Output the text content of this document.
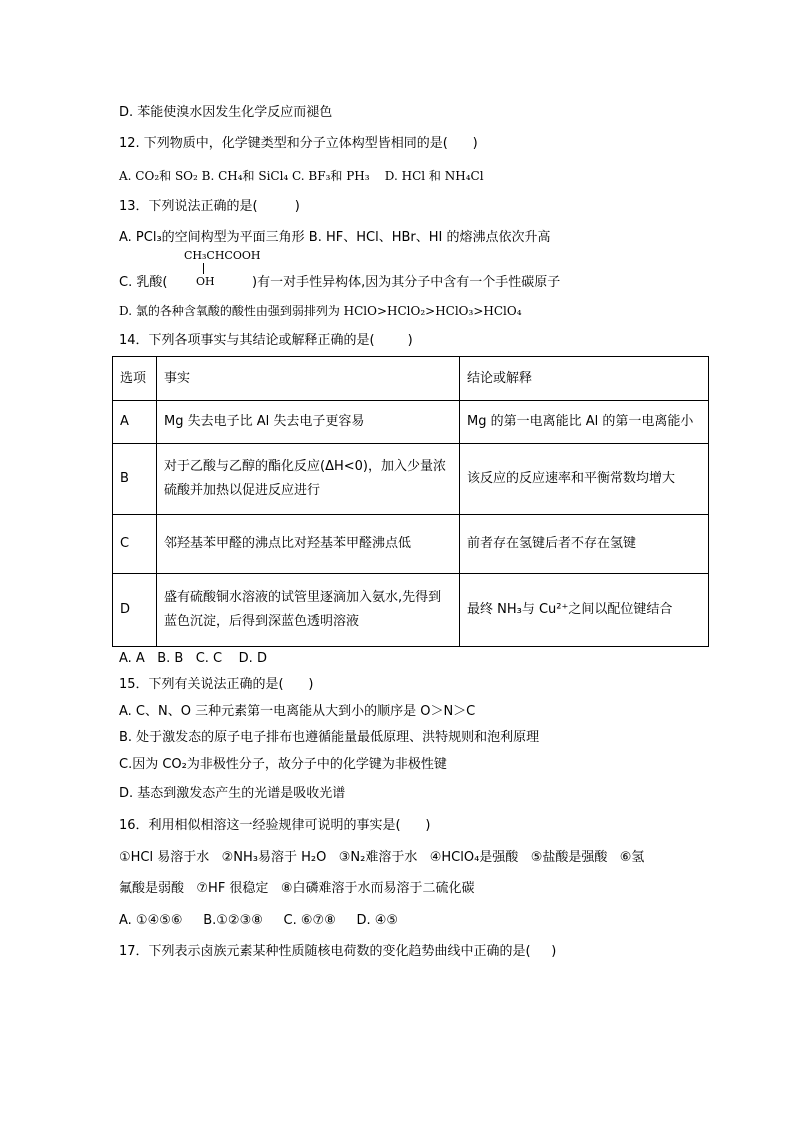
D. 苯能使溴水因发生化学反应而褪色
12. 下列物质中，化学键类型和分子立体构型皆相同的是(      )
A. CO₂和 SO₂ B. CH₄和 SiCl₄ C. BF₃和 PH₃    D. HCl 和 NH₄Cl
13．下列说法正确的是(         )
A. PCl₃的空间构型为平面三角形 B. HF、HCl、HBr、HI 的熔沸点依次升高
CH₃CHCOOH
OH
C. 乳酸(	)有一对手性异构体,因为其分子中含有一个手性碳原子
D. 氯的各种含氧酸的酸性由强到弱排列为 HClO>HClO₂>HClO₃>HClO₄
14．下列各项事实与其结论或解释正确的是(        )
选项	事实	结论或解释
A	Mg 失去电子比 Al 失去电子更容易	Mg 的第一电离能比 Al 的第一电离能小
B	对于乙酸与乙醇的酯化反应(ΔH<0)，加入少量浓硫酸并加热以促进反应进行	该反应的反应速率和平衡常数均增大
C	邻羟基苯甲醛的沸点比对羟基苯甲醛沸点低	前者存在氢键后者不存在氢键
D	盛有硫酸铜水溶液的试管里逐滴加入氨水,先得到蓝色沉淀，后得到深蓝色透明溶液	最终 NH₃与 Cu²⁺之间以配位键结合
A. A   B. B   C. C    D. D
15．下列有关说法正确的是(      )
A. C、N、O 三种元素第一电离能从大到小的顺序是 O＞N＞C
B. 处于激发态的原子电子排布也遵循能量最低原理、洪特规则和泡利原理
C.因为 CO₂为非极性分子，故分子中的化学键为非极性键
D. 基态到激发态产生的光谱是吸收光谱
16．利用相似相溶这一经验规律可说明的事实是(      )
①HCl 易溶于水   ②NH₃易溶于 H₂O   ③N₂难溶于水   ④HClO₄是强酸   ⑤盐酸是强酸   ⑥氢
氟酸是弱酸   ⑦HF 很稳定   ⑧白磷难溶于水而易溶于二硫化碳
A. ①④⑤⑥     B.①②③⑧     C. ⑥⑦⑧     D. ④⑤
17．下列表示卤族元素某种性质随核电荷数的变化趋势曲线中正确的是(     )
